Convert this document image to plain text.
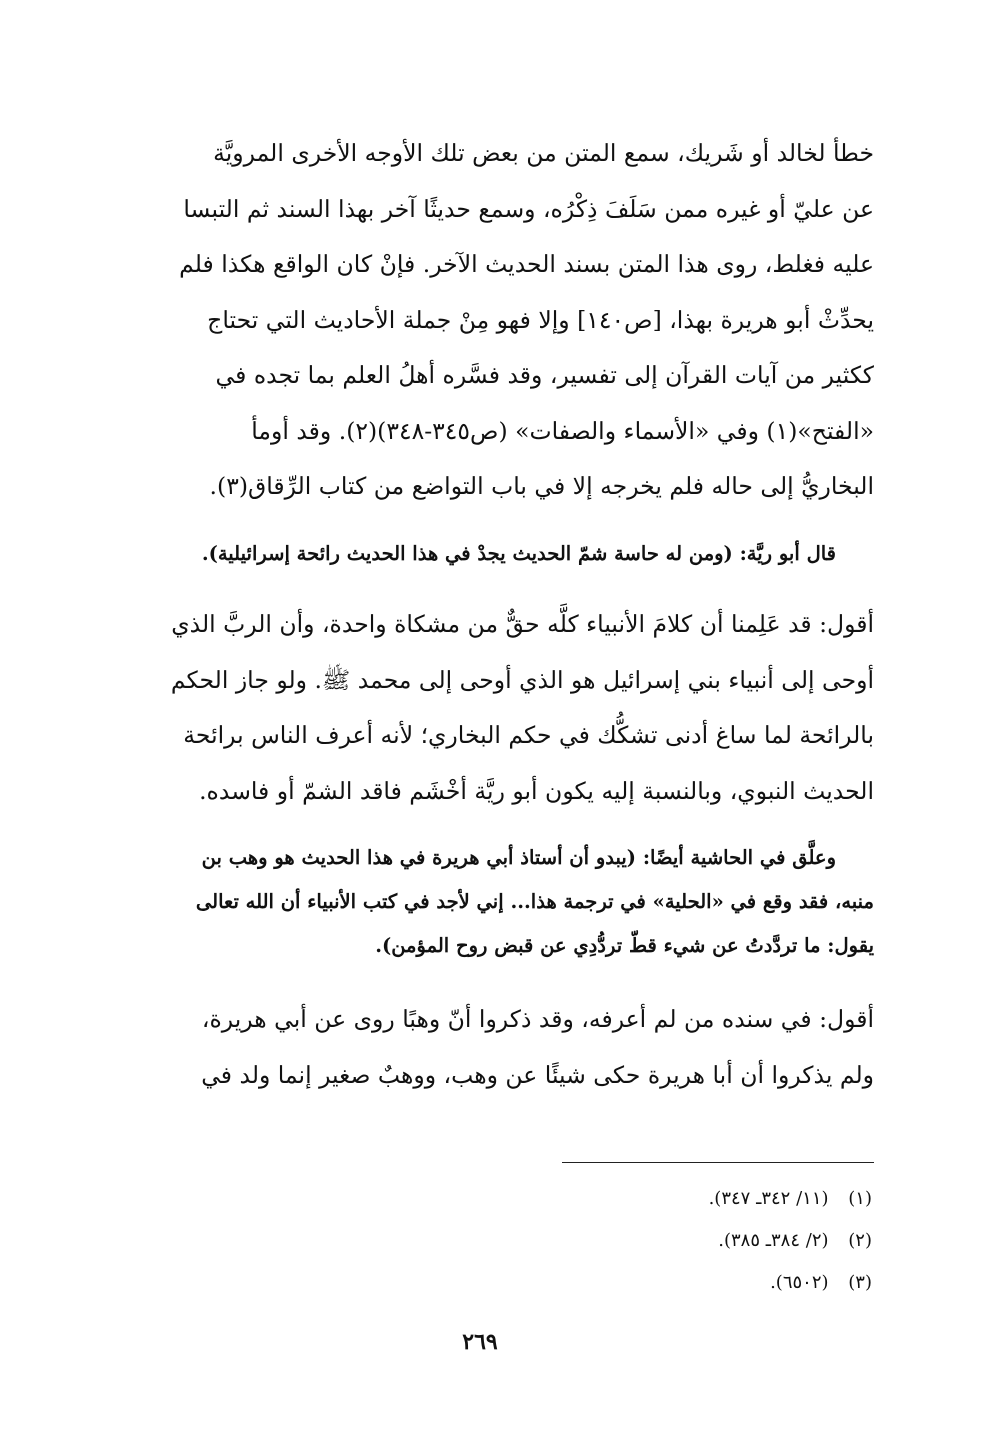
خطأ لخالد أو شَريك، سمع المتن من بعض تلك الأوجه الأخرى المرويَّة
عن عليّ أو غيره ممن سَلَفَ ذِكْرُه، وسمع حديثًا آخر بهذا السند ثم التبسا
عليه فغلط، روى هذا المتن بسند الحديث الآخر. فإنْ كان الواقع هكذا فلم
يحدِّثْ أبو هريرة بهذا، [ص١٤٠] وإلا فهو مِنْ جملة الأحاديث التي تحتاج
ككثير من آيات القرآن إلى تفسير، وقد فسَّره أهلُ العلم بما تجده في
«الفتح»(١) وفي «الأسماء والصفات» (ص٣٤٥-٣٤٨)(٢). وقد أومأ
البخاريُّ إلى حاله فلم يخرجه إلا في باب التواضع من كتاب الرِّقاق(٣).
قال أبو ريَّة: (ومن له حاسة شمّ الحديث يجدْ في هذا الحديث رائحة إسرائيلية).
أقول: قد عَلِمنا أن كلامَ الأنبياء كلَّه حقٌّ من مشكاة واحدة، وأن الربَّ الذي
أوحى إلى أنبياء بني إسرائيل هو الذي أوحى إلى محمد ﷺ. ولو جاز الحكم
بالرائحة لما ساغ أدنى تشكُّك في حكم البخاري؛ لأنه أعرف الناس برائحة
الحديث النبوي، وبالنسبة إليه يكون أبو ريَّة أخْشَم فاقد الشمّ أو فاسده.
وعلَّق في الحاشية أيضًا: (يبدو أن أستاذ أبي هريرة في هذا الحديث هو وهب بن
منبه، فقد وقع في «الحلية» في ترجمة هذا... إني لأجد في كتب الأنبياء أن الله تعالى
يقول: ما تردَّدتُ عن شيء قطّ تردُّدِي عن قبض روح المؤمن).
أقول: في سنده من لم أعرفه، وقد ذكروا أنّ وهبًا روى عن أبي هريرة،
ولم يذكروا أن أبا هريرة حكى شيئًا عن وهب، ووهبٌ صغير إنما ولد في
(١) (١١/ ٣٤٢ـ ٣٤٧).
(٢) (٢/ ٣٨٤ـ ٣٨٥).
(٣) (٦٥٠٢).
٢٦٩
